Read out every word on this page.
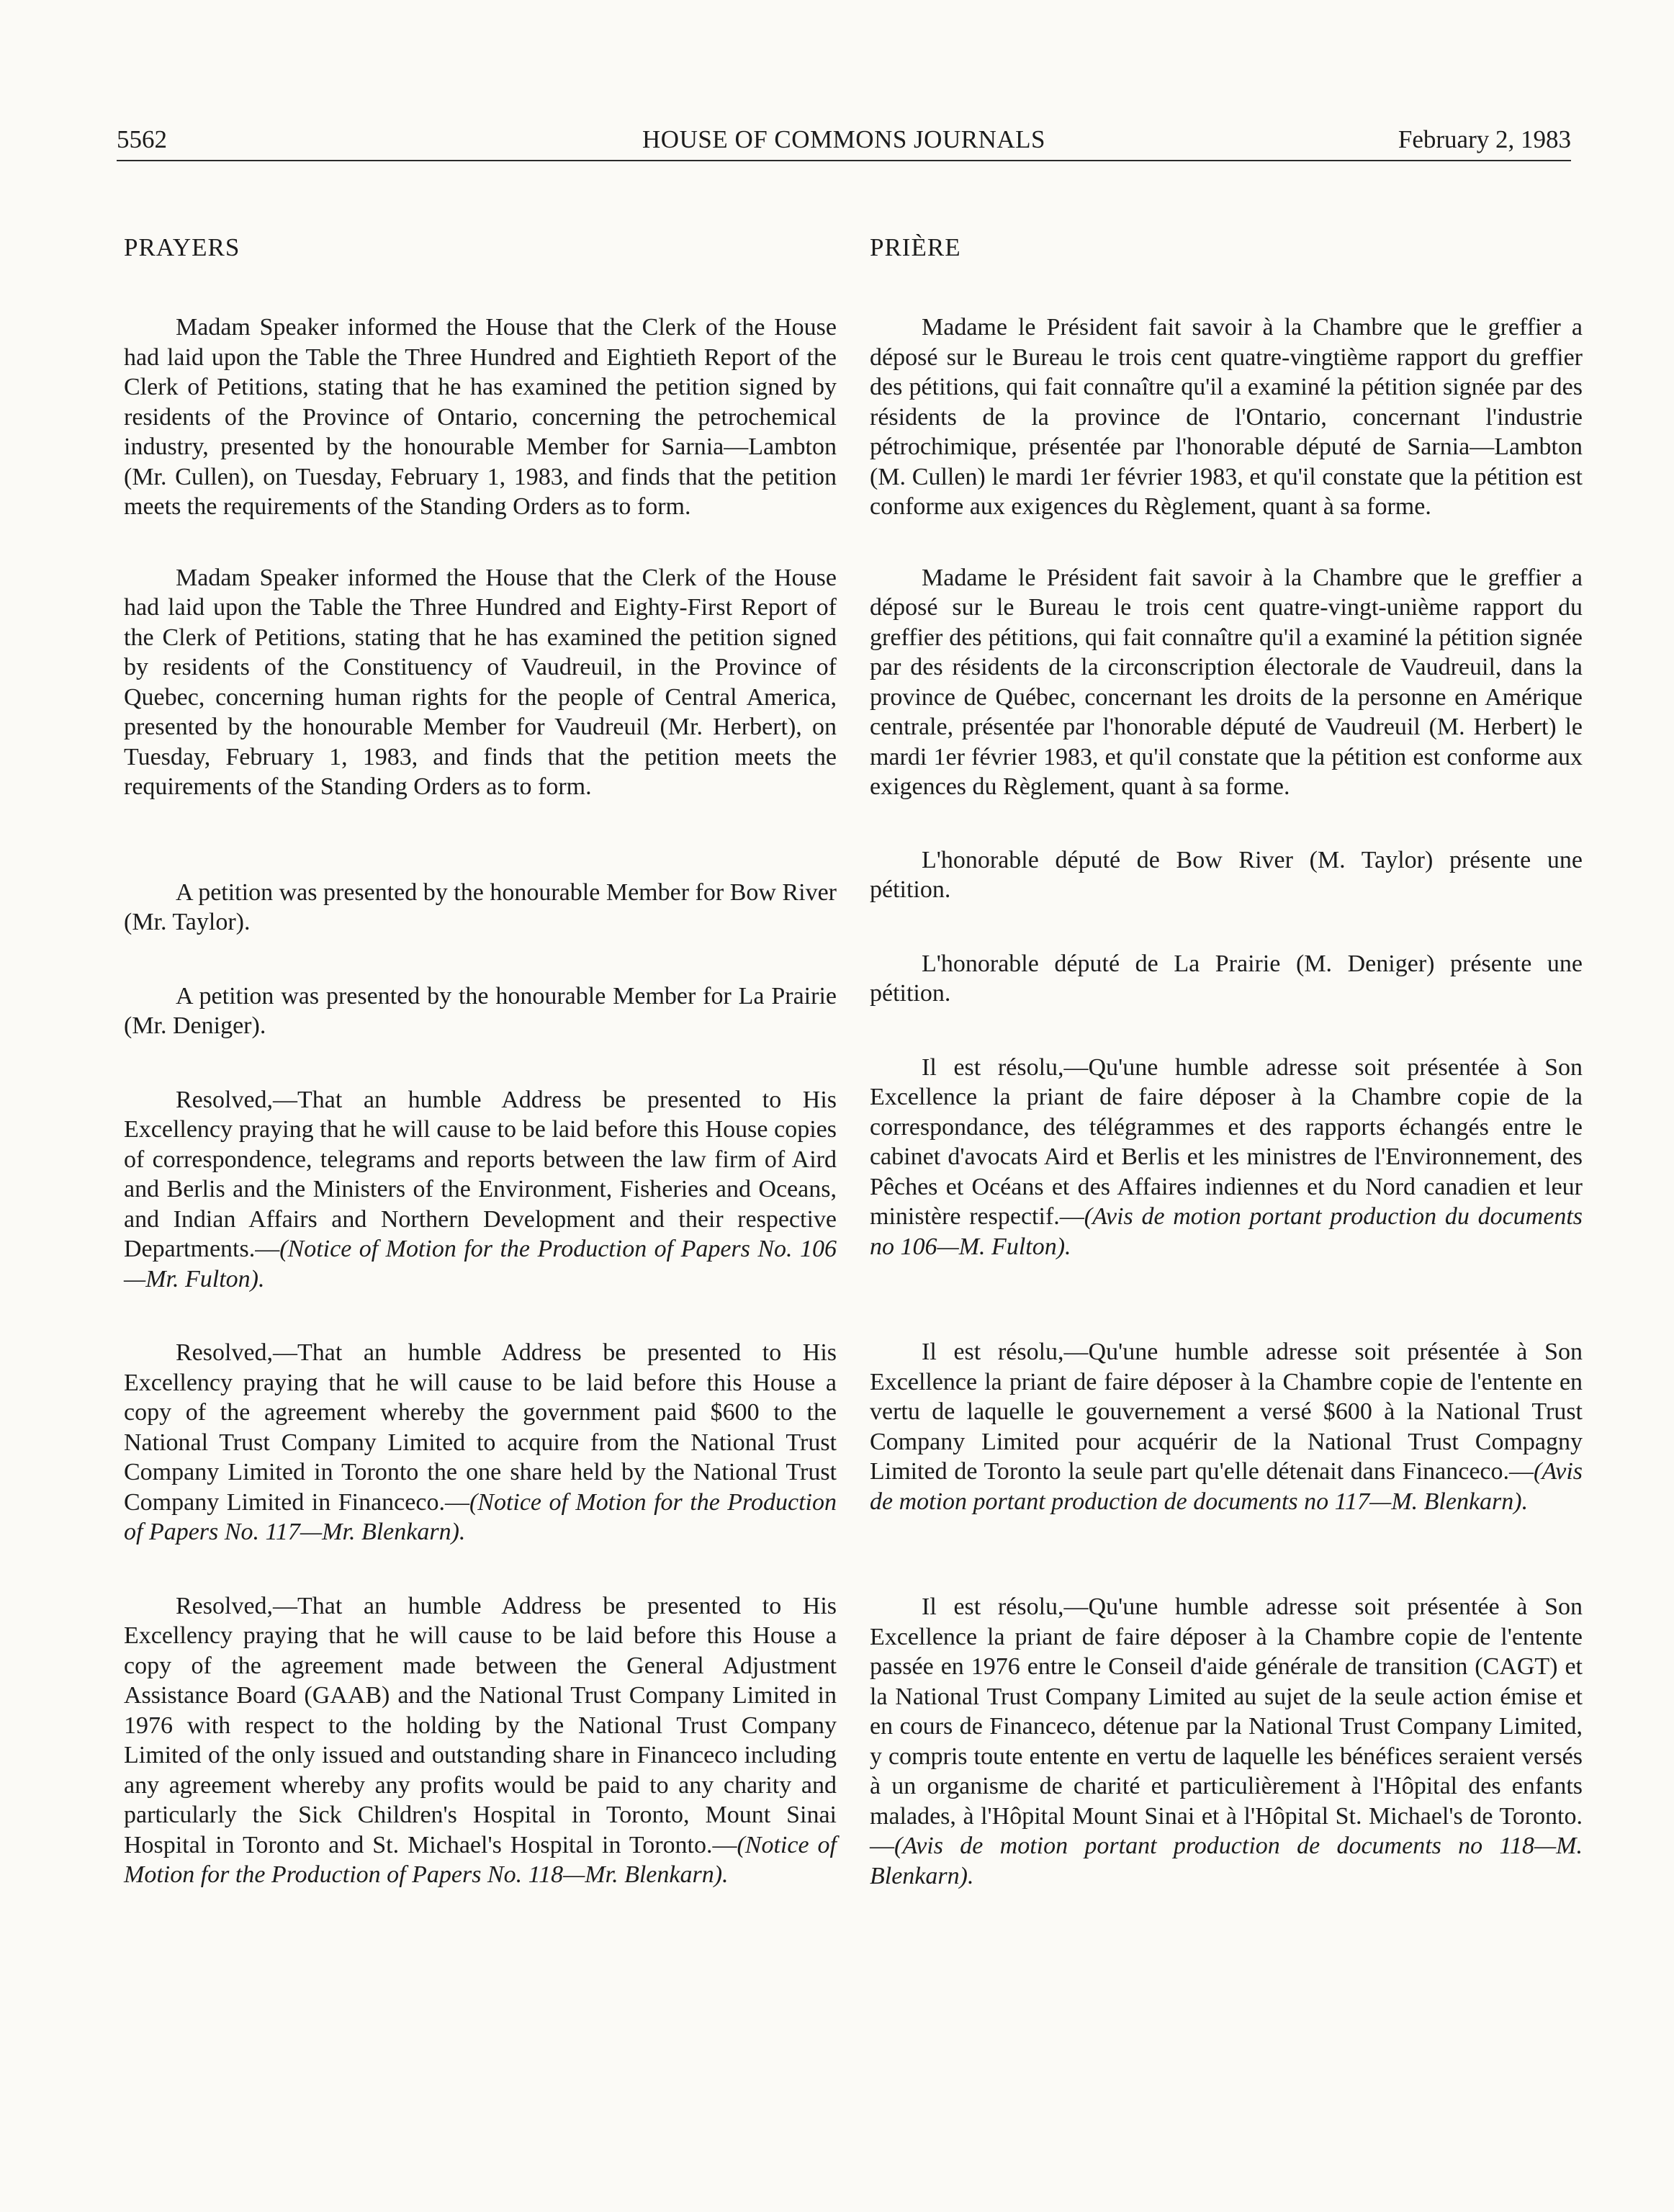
5562	HOUSE OF COMMONS JOURNALS	February 2, 1983
PRAYERS

Madam Speaker informed the House that the Clerk of the House had laid upon the Table the Three Hundred and Eightieth Report of the Clerk of Petitions, stating that he has examined the petition signed by residents of the Province of Ontario, concerning the petrochemical industry, presented by the honourable Member for Sarnia—Lambton (Mr. Cullen), on Tuesday, February 1, 1983, and finds that the petition meets the requirements of the Standing Orders as to form.

Madam Speaker informed the House that the Clerk of the House had laid upon the Table the Three Hundred and Eighty-First Report of the Clerk of Petitions, stating that he has examined the petition signed by residents of the Constituency of Vaudreuil, in the Province of Quebec, concerning human rights for the people of Central America, presented by the honourable Member for Vaudreuil (Mr. Herbert), on Tuesday, February 1, 1983, and finds that the petition meets the requirements of the Standing Orders as to form.

A petition was presented by the honourable Member for Bow River (Mr. Taylor).

A petition was presented by the honourable Member for La Prairie (Mr. Deniger).

Resolved,—That an humble Address be presented to His Excellency praying that he will cause to be laid before this House copies of correspondence, telegrams and reports between the law firm of Aird and Berlis and the Ministers of the Environment, Fisheries and Oceans, and Indian Affairs and Northern Development and their respective Departments.—(Notice of Motion for the Production of Papers No. 106—Mr. Fulton).

Resolved,—That an humble Address be presented to His Excellency praying that he will cause to be laid before this House a copy of the agreement whereby the government paid $600 to the National Trust Company Limited to acquire from the National Trust Company Limited in Toronto the one share held by the National Trust Company Limited in Financeco.—(Notice of Motion for the Production of Papers No. 117—Mr. Blenkarn).

Resolved,—That an humble Address be presented to His Excellency praying that he will cause to be laid before this House a copy of the agreement made between the General Adjustment Assistance Board (GAAB) and the National Trust Company Limited in 1976 with respect to the holding by the National Trust Company Limited of the only issued and outstanding share in Financeco including any agreement whereby any profits would be paid to any charity and particularly the Sick Children's Hospital in Toronto, Mount Sinai Hospital in Toronto and St. Michael's Hospital in Toronto.—(Notice of Motion for the Production of Papers No. 118—Mr. Blenkarn).

PRIÈRE

Madame le Président fait savoir à la Chambre que le greffier a déposé sur le Bureau le trois cent quatre-vingtième rapport du greffier des pétitions, qui fait connaître qu'il a examiné la pétition signée par des résidents de la province de l'Ontario, concernant l'industrie pétrochimique, présentée par l'honorable député de Sarnia—Lambton (M. Cullen) le mardi 1er février 1983, et qu'il constate que la pétition est conforme aux exigences du Règlement, quant à sa forme.

Madame le Président fait savoir à la Chambre que le greffier a déposé sur le Bureau le trois cent quatre-vingt-unième rapport du greffier des pétitions, qui fait connaître qu'il a examiné la pétition signée par des résidents de la circonscription électorale de Vaudreuil, dans la province de Québec, concernant les droits de la personne en Amérique centrale, présentée par l'honorable député de Vaudreuil (M. Herbert) le mardi 1er février 1983, et qu'il constate que la pétition est conforme aux exigences du Règlement, quant à sa forme.

L'honorable député de Bow River (M. Taylor) présente une pétition.

L'honorable député de La Prairie (M. Deniger) présente une pétition.

Il est résolu,—Qu'une humble adresse soit présentée à Son Excellence la priant de faire déposer à la Chambre copie de la correspondance, des télégrammes et des rapports échangés entre le cabinet d'avocats Aird et Berlis et les ministres de l'Environnement, des Pêches et Océans et des Affaires indiennes et du Nord canadien et leur ministère respectif.—(Avis de motion portant production du documents no 106—M. Fulton).

Il est résolu,—Qu'une humble adresse soit présentée à Son Excellence la priant de faire déposer à la Chambre copie de l'entente en vertu de laquelle le gouvernement a versé $600 à la National Trust Company Limited pour acquérir de la National Trust Compagny Limited de Toronto la seule part qu'elle détenait dans Financeco.—(Avis de motion portant production de documents no 117—M. Blenkarn).

Il est résolu,—Qu'une humble adresse soit présentée à Son Excellence la priant de faire déposer à la Chambre copie de l'entente passée en 1976 entre le Conseil d'aide générale de transition (CAGT) et la National Trust Company Limited au sujet de la seule action émise et en cours de Financeco, détenue par la National Trust Company Limited, y compris toute entente en vertu de laquelle les bénéfices seraient versés à un organisme de charité et particulièrement à l'Hôpital des enfants malades, à l'Hôpital Mount Sinai et à l'Hôpital St. Michael's de Toronto.—(Avis de motion portant production de documents no 118—M. Blenkarn).
